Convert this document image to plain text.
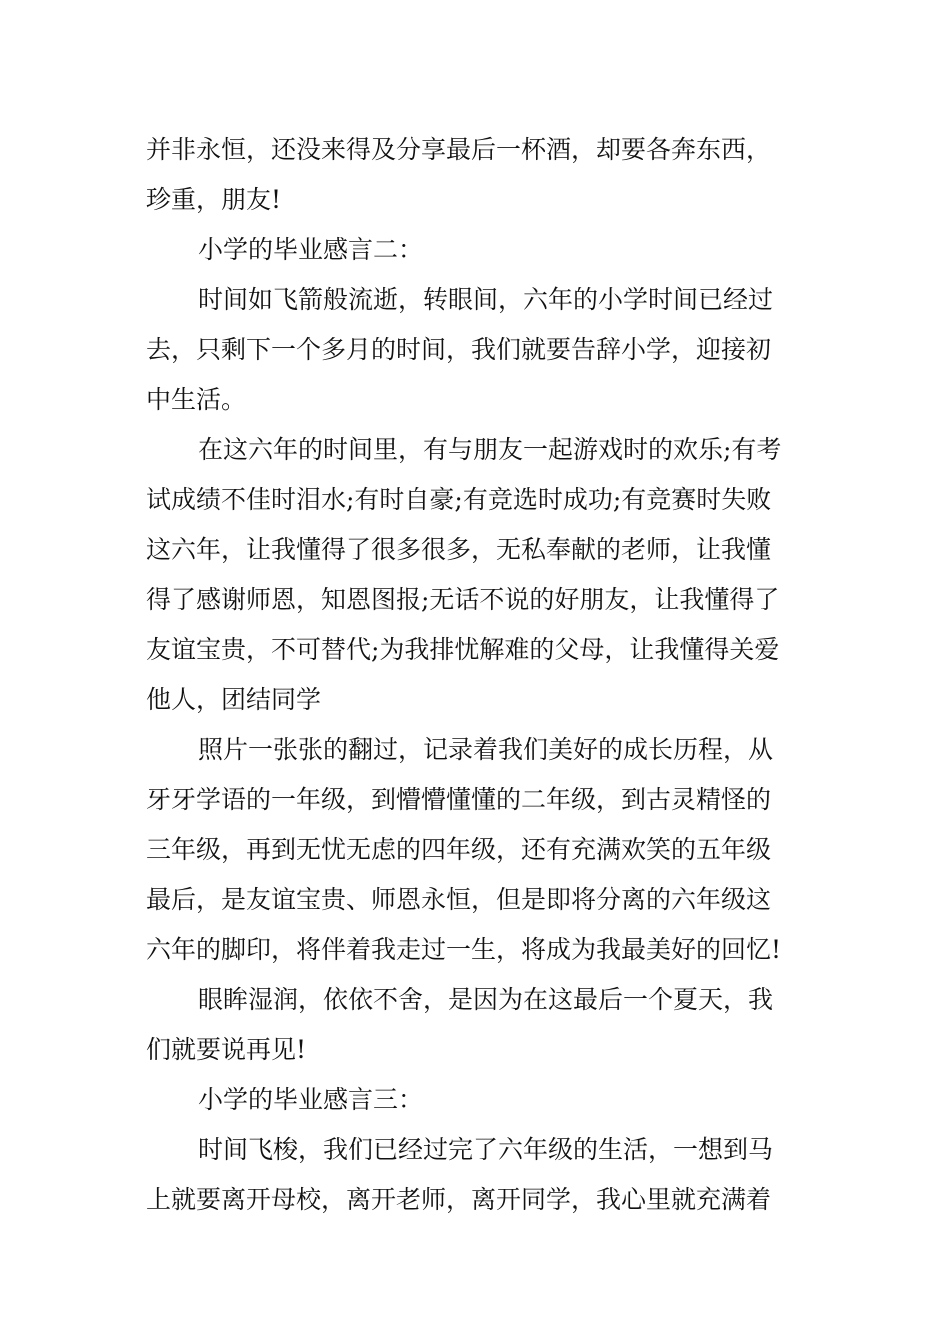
并非永恒，还没来得及分享最后一杯酒，却要各奔东西，
珍重，朋友!
小学的毕业感言二：
时间如飞箭般流逝，转眼间，六年的小学时间已经过
去，只剩下一个多月的时间，我们就要告辞小学，迎接初
中生活。
在这六年的时间里，有与朋友一起游戏时的欢乐;有考
试成绩不佳时泪水;有时自豪;有竞选时成功;有竞赛时失败
这六年，让我懂得了很多很多，无私奉献的老师，让我懂
得了感谢师恩，知恩图报;无话不说的好朋友，让我懂得了
友谊宝贵，不可替代;为我排忧解难的父母，让我懂得关爱
他人，团结同学
照片一张张的翻过，记录着我们美好的成长历程，从
牙牙学语的一年级，到懵懵懂懂的二年级，到古灵精怪的
三年级，再到无忧无虑的四年级，还有充满欢笑的五年级
最后，是友谊宝贵、师恩永恒，但是即将分离的六年级这
六年的脚印，将伴着我走过一生，将成为我最美好的回忆!
眼眸湿润，依依不舍，是因为在这最后一个夏天，我
们就要说再见!
小学的毕业感言三：
时间飞梭，我们已经过完了六年级的生活，一想到马
上就要离开母校，离开老师，离开同学，我心里就充满着
